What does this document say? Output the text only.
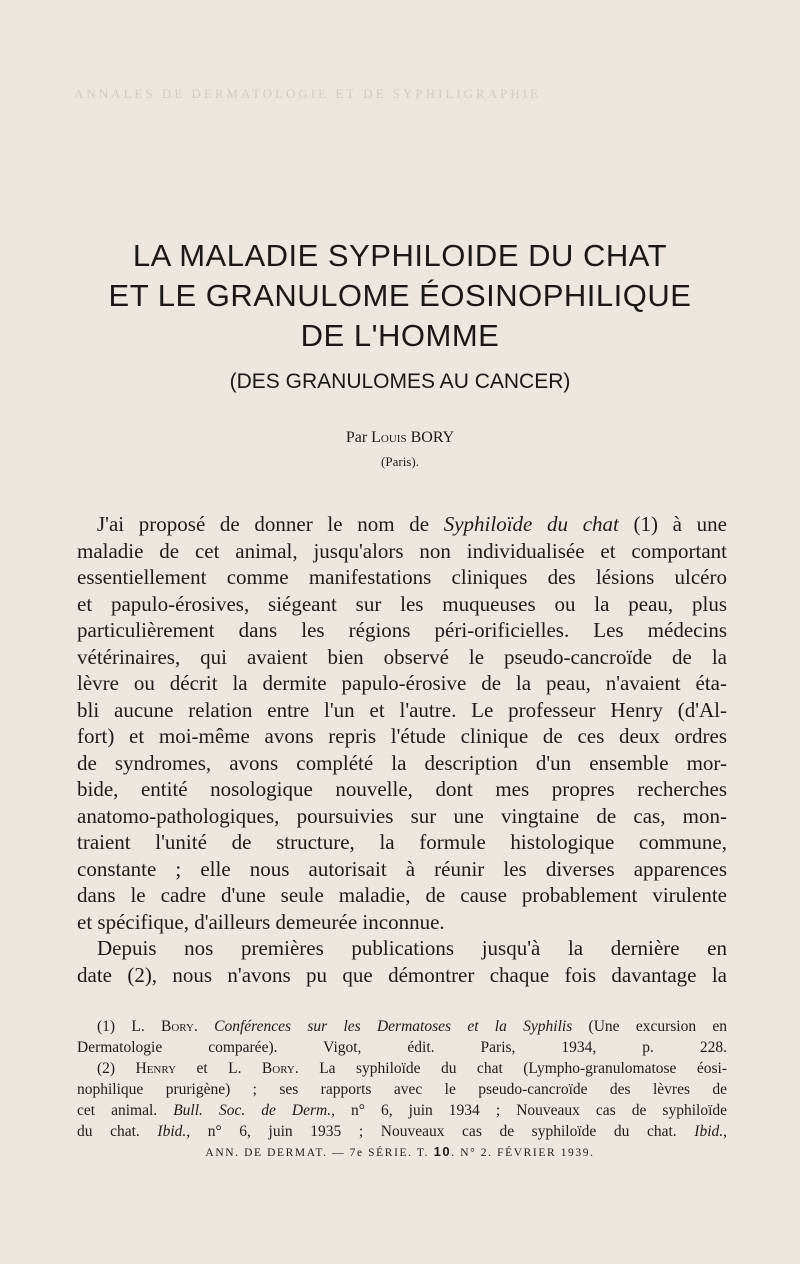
ANNALES DE DERMATOLOGIE ET DE SYPHILIGRAPHIE
LA MALADIE SYPHILOIDE DU CHAT
ET LE GRANULOME ÉOSINOPHILIQUE
DE L'HOMME
(DES GRANULOMES AU CANCER)
Par Louis BORY
(Paris).
J'ai proposé de donner le nom de Syphiloïde du chat (1) à une
maladie de cet animal, jusqu'alors non individualisée et comportant
essentiellement comme manifestations cliniques des lésions ulcéro
et papulo-érosives, siégeant sur les muqueuses ou la peau, plus
particulièrement dans les régions péri-orificielles. Les médecins
vétérinaires, qui avaient bien observé le pseudo-cancroïde de la
lèvre ou décrit la dermite papulo-érosive de la peau, n'avaient éta-
bli aucune relation entre l'un et l'autre. Le professeur Henry (d'Al-
fort) et moi-même avons repris l'étude clinique de ces deux ordres
de syndromes, avons complété la description d'un ensemble mor-
bide, entité nosologique nouvelle, dont mes propres recherches
anatomo-pathologiques, poursuivies sur une vingtaine de cas, mon-
traient l'unité de structure, la formule histologique commune,
constante ; elle nous autorisait à réunir les diverses apparences
dans le cadre d'une seule maladie, de cause probablement virulente
et spécifique, d'ailleurs demeurée inconnue.
Depuis nos premières publications jusqu'à la dernière en
date (2), nous n'avons pu que démontrer chaque fois davantage la
(1) L. Bory. Conférences sur les Dermatoses et la Syphilis (Une excursion en
Dermatologie comparée). Vigot, édit. Paris, 1934, p. 228.
(2) Henry et L. Bory. La syphiloïde du chat (Lympho-granulomatose éosi-
nophilique prurigène) ; ses rapports avec le pseudo-cancroïde des lèvres de
cet animal. Bull. Soc. de Derm., n° 6, juin 1934 ; Nouveaux cas de syphiloïde
du chat. Ibid., n° 6, juin 1935 ; Nouveaux cas de syphiloïde du chat. Ibid.,
ANN. DE DERMAT. — 7e SÉRIE. T. 10. N° 2. FÉVRIER 1939.
